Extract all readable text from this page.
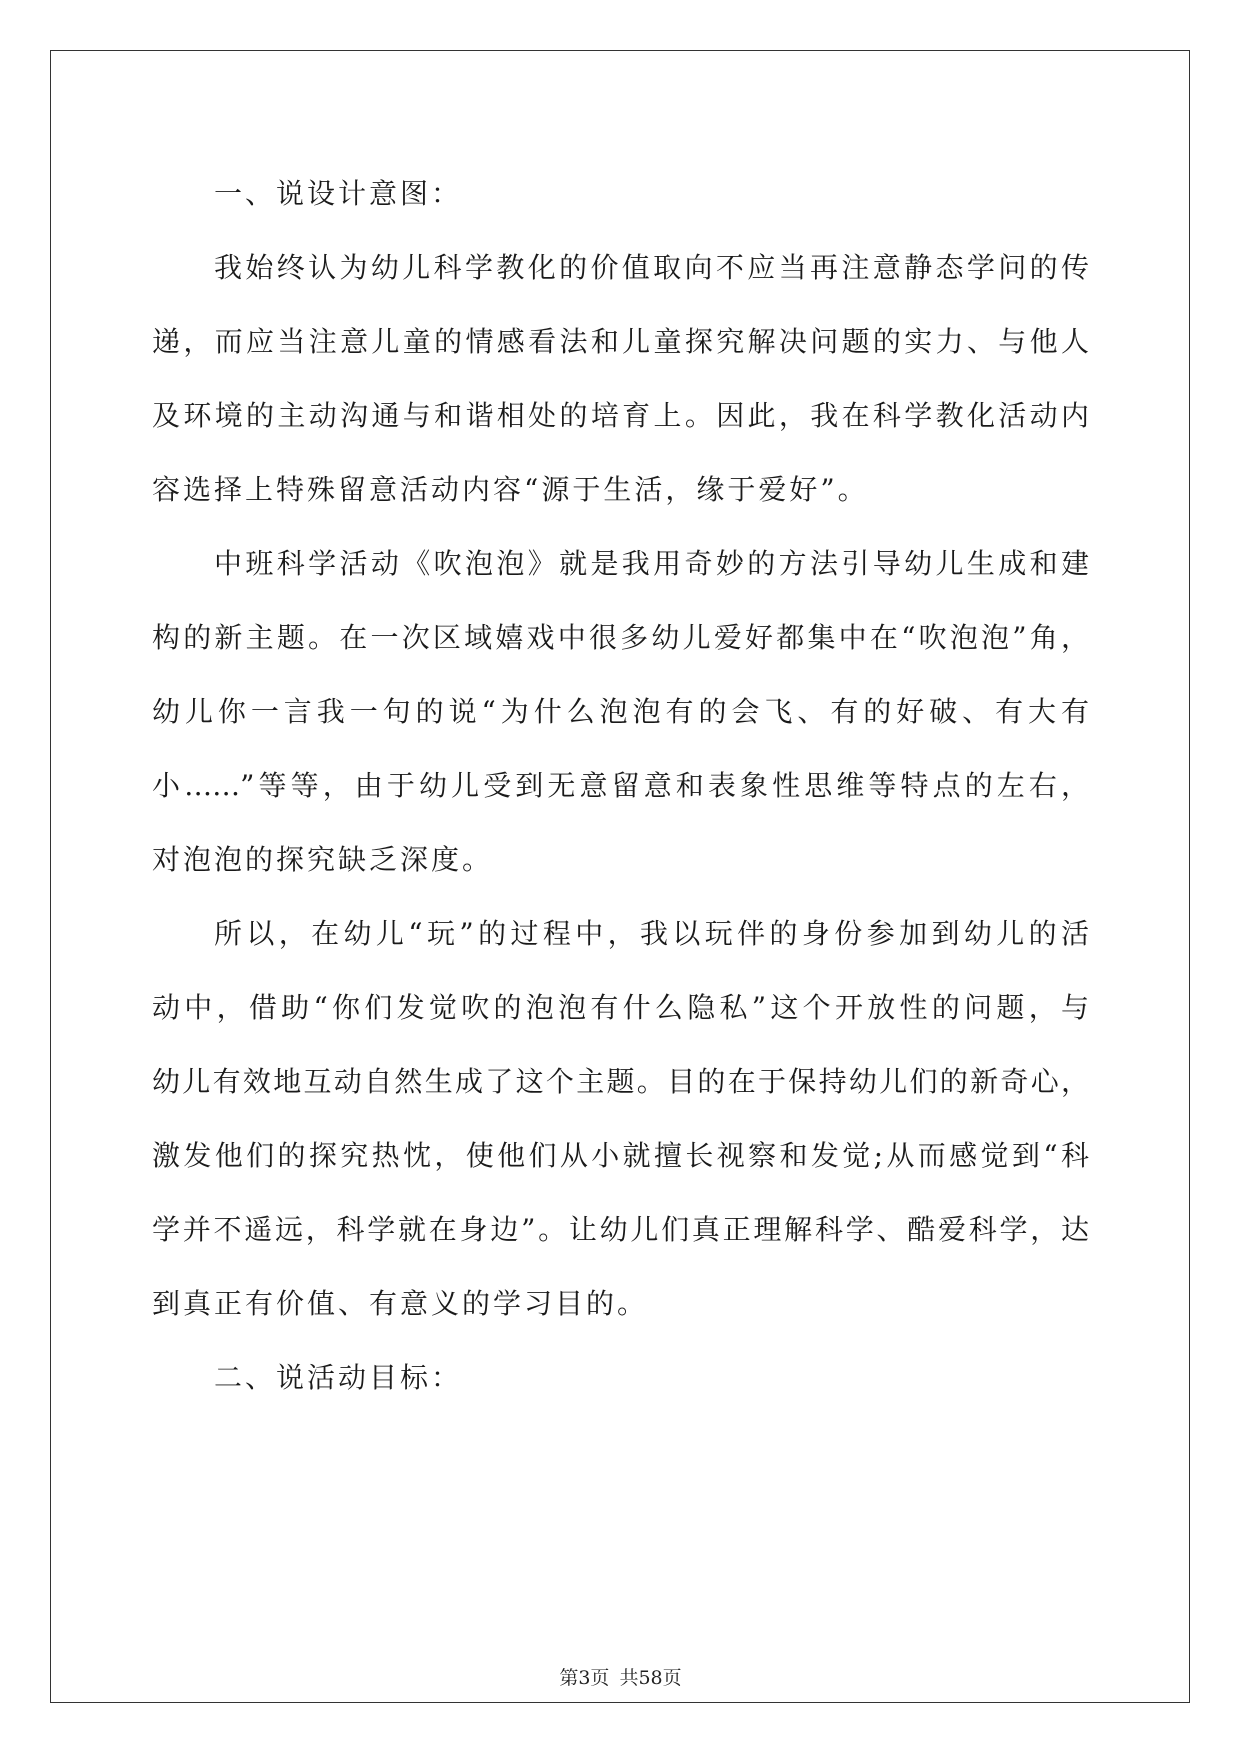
一、说设计意图：
我始终认为幼儿科学教化的价值取向不应当再注意静态学问的传
递，而应当注意儿童的情感看法和儿童探究解决问题的实力、与他人
及环境的主动沟通与和谐相处的培育上。因此，我在科学教化活动内
容选择上特殊留意活动内容“源于生活，缘于爱好”。
中班科学活动《吹泡泡》就是我用奇妙的方法引导幼儿生成和建
构的新主题。在一次区域嬉戏中很多幼儿爱好都集中在“吹泡泡”角，
幼儿你一言我一句的说“为什么泡泡有的会飞、有的好破、有大有
小……”等等，由于幼儿受到无意留意和表象性思维等特点的左右，
对泡泡的探究缺乏深度。
所以，在幼儿“玩”的过程中，我以玩伴的身份参加到幼儿的活
动中，借助“你们发觉吹的泡泡有什么隐私”这个开放性的问题，与
幼儿有效地互动自然生成了这个主题。目的在于保持幼儿们的新奇心，
激发他们的探究热忱，使他们从小就擅长视察和发觉;从而感觉到“科
学并不遥远，科学就在身边”。让幼儿们真正理解科学、酷爱科学，达
到真正有价值、有意义的学习目的。
二、说活动目标：
第3页 共58页
